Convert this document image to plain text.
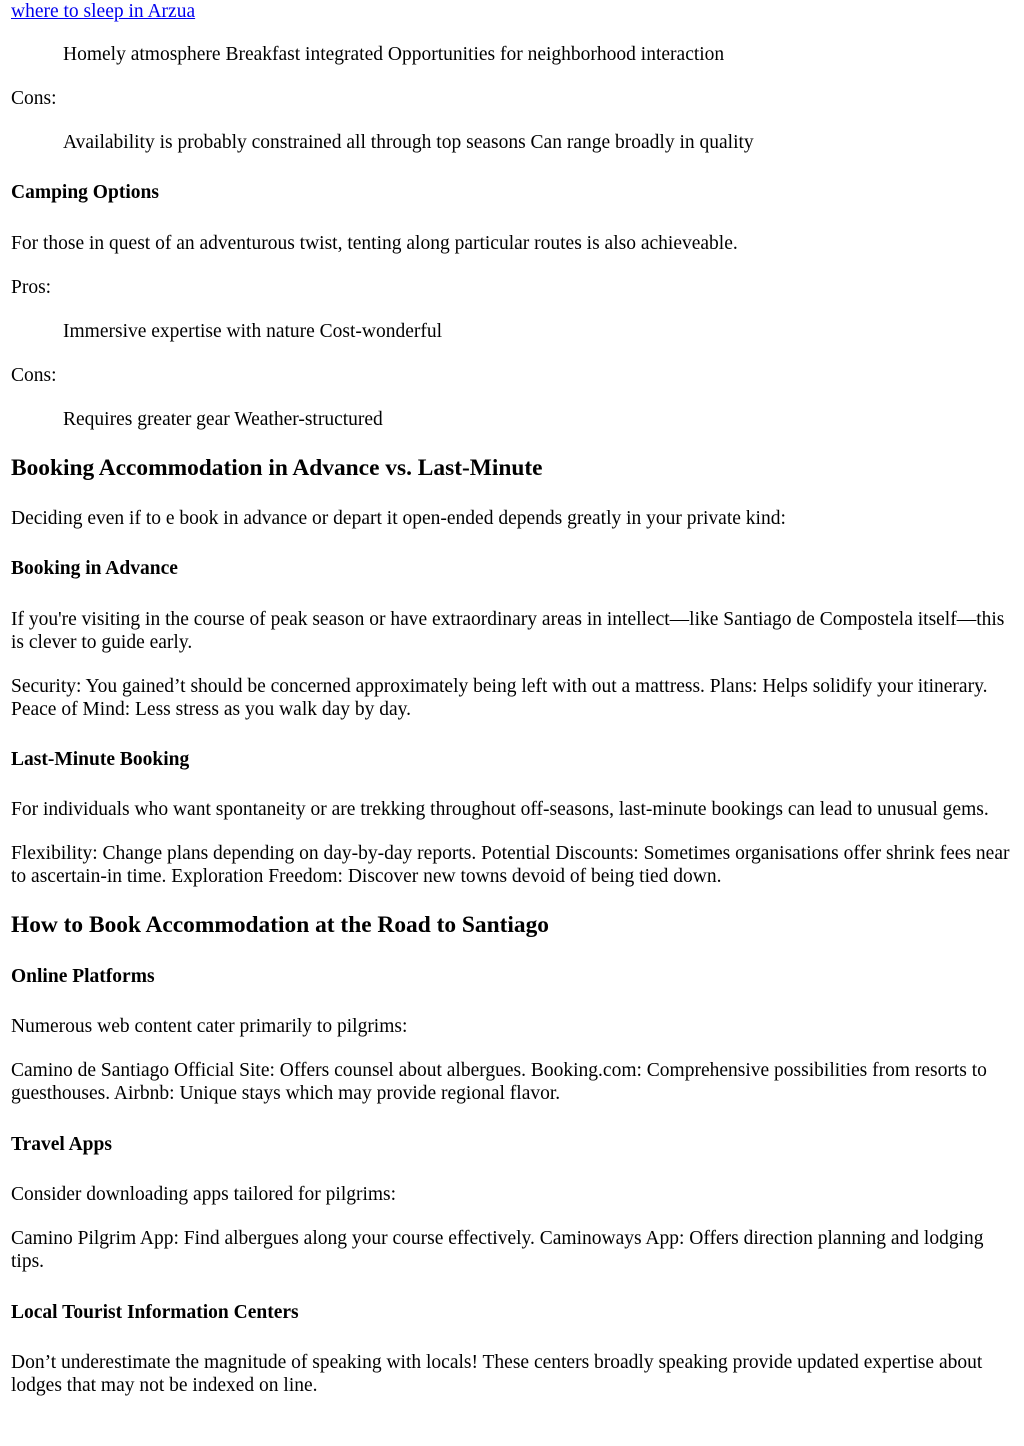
where to sleep in Arzua

Homely atmosphere Breakfast integrated Opportunities for neighborhood interaction

Cons:

Availability is probably constrained all through top seasons Can range broadly in quality

Camping Options

For those in quest of an adventurous twist, tenting along particular routes is also achieveable.

Pros:

Immersive expertise with nature Cost-wonderful

Cons:

Requires greater gear Weather-structured

Booking Accommodation in Advance vs. Last-Minute

Deciding even if to e book in advance or depart it open-ended depends greatly in your private kind:

Booking in Advance

If you're visiting in the course of peak season or have extraordinary areas in intellect—like Santiago de Compostela itself—this is clever to guide early.

Security: You gained’t should be concerned approximately being left with out a mattress. Plans: Helps solidify your itinerary. Peace of Mind: Less stress as you walk day by day.

Last-Minute Booking

For individuals who want spontaneity or are trekking throughout off-seasons, last-minute bookings can lead to unusual gems.

Flexibility: Change plans depending on day-by-day reports. Potential Discounts: Sometimes organisations offer shrink fees near to ascertain-in time. Exploration Freedom: Discover new towns devoid of being tied down.

How to Book Accommodation at the Road to Santiago
Online Platforms

Numerous web content cater primarily to pilgrims:

Camino de Santiago Official Site: Offers counsel about albergues. Booking.com: Comprehensive possibilities from resorts to guesthouses. Airbnb: Unique stays which may provide regional flavor.

Travel Apps

Consider downloading apps tailored for pilgrims:

Camino Pilgrim App: Find albergues along your course effectively. Caminoways App: Offers direction planning and lodging tips.

Local Tourist Information Centers

Don’t underestimate the magnitude of speaking with locals! These centers broadly speaking provide updated expertise about lodges that may not be indexed on line.
